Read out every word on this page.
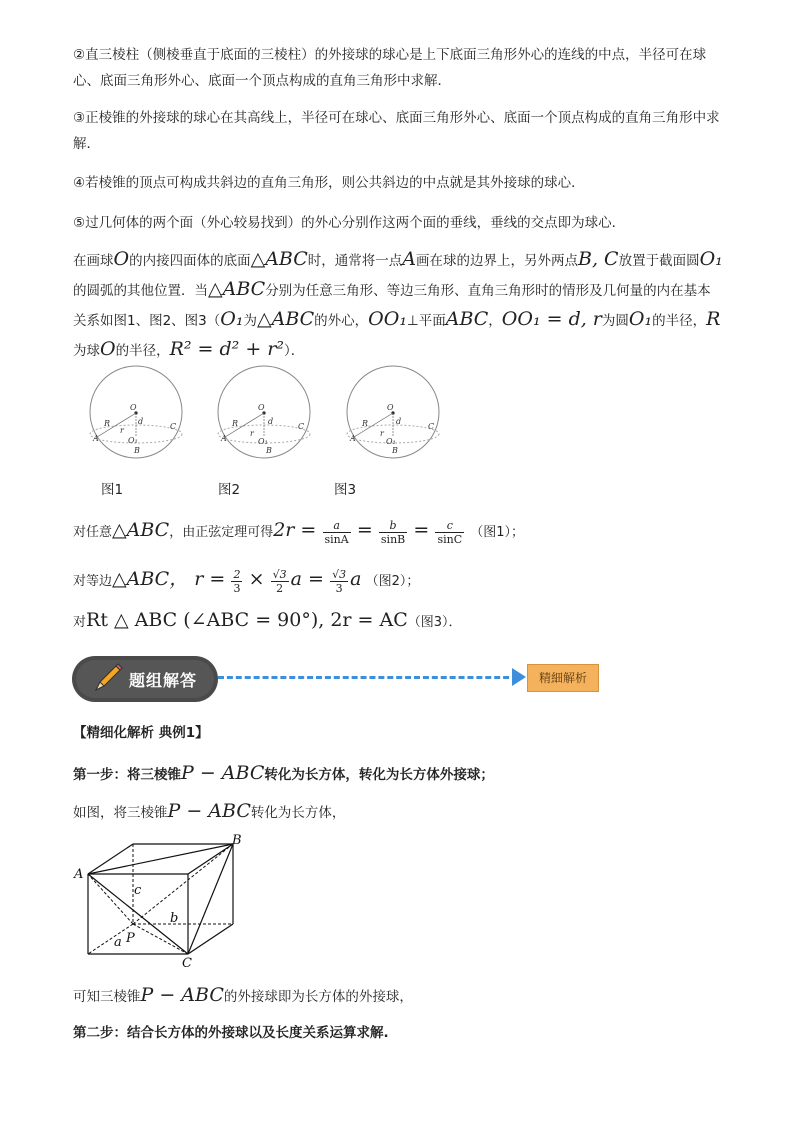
②直三棱柱（侧棱垂直于底面的三棱柱）的外接球的球心是上下底面三角形外心的连线的中点，半径可在球心、底面三角形外心、底面一个顶点构成的直角三角形中求解．
③正棱锥的外接球的球心在其高线上，半径可在球心、底面三角形外心、底面一个顶点构成的直角三角形中求解．
④若棱锥的顶点可构成共斜边的直角三角形，则公共斜边的中点就是其外接球的球心．
⑤过几何体的两个面（外心较易找到）的外心分别作这两个面的垂线，垂线的交点即为球心．
在画球O的内接四面体的底面△ABC时，通常将一点A画在球的边界上，另外两点B, C放置于截面圆O₁的圆弧的其他位置．当△ABC分别为任意三角形、等边三角形、直角三角形时的情形及几何量的内在基本关系如图1、图2、图3（O₁为△ABC的外心，OO₁⊥平面ABC，OO₁ = d, r为圆O₁的半径，R为球O的半径，R² = d² + r²）．
O
A
B
C
R
r
d
O₁
O
A
B
C
R
r
d
O₁
O
A
B
C
R
r
d
O₁
图1	图2	图3
对任意△ABC，由正弦定理可得$2r = \frac{a}{\sin A} = \frac{b}{\sin B} = \frac{c}{\sin C}$ （图1）；
对等边△ABC， $r = \frac{2}{3} \times \frac{√3}{2}$ $a = \frac{√3}{3}$ a （图2）；
对Rt △ ABC (∠ABC = 90°), 2r = AC（图3）．
题组解答	精細解析
【精细化解析 典例1】
第一步：将三棱锥P − ABC转化为长方体，转化为长方体外接球；
如图，将三棱锥P − ABC转化为长方体，
A
B
C
P
a
b
c
可知三棱锥P − ABC的外接球即为长方体的外接球，
第二步：结合长方体的外接球以及长度关系运算求解.
